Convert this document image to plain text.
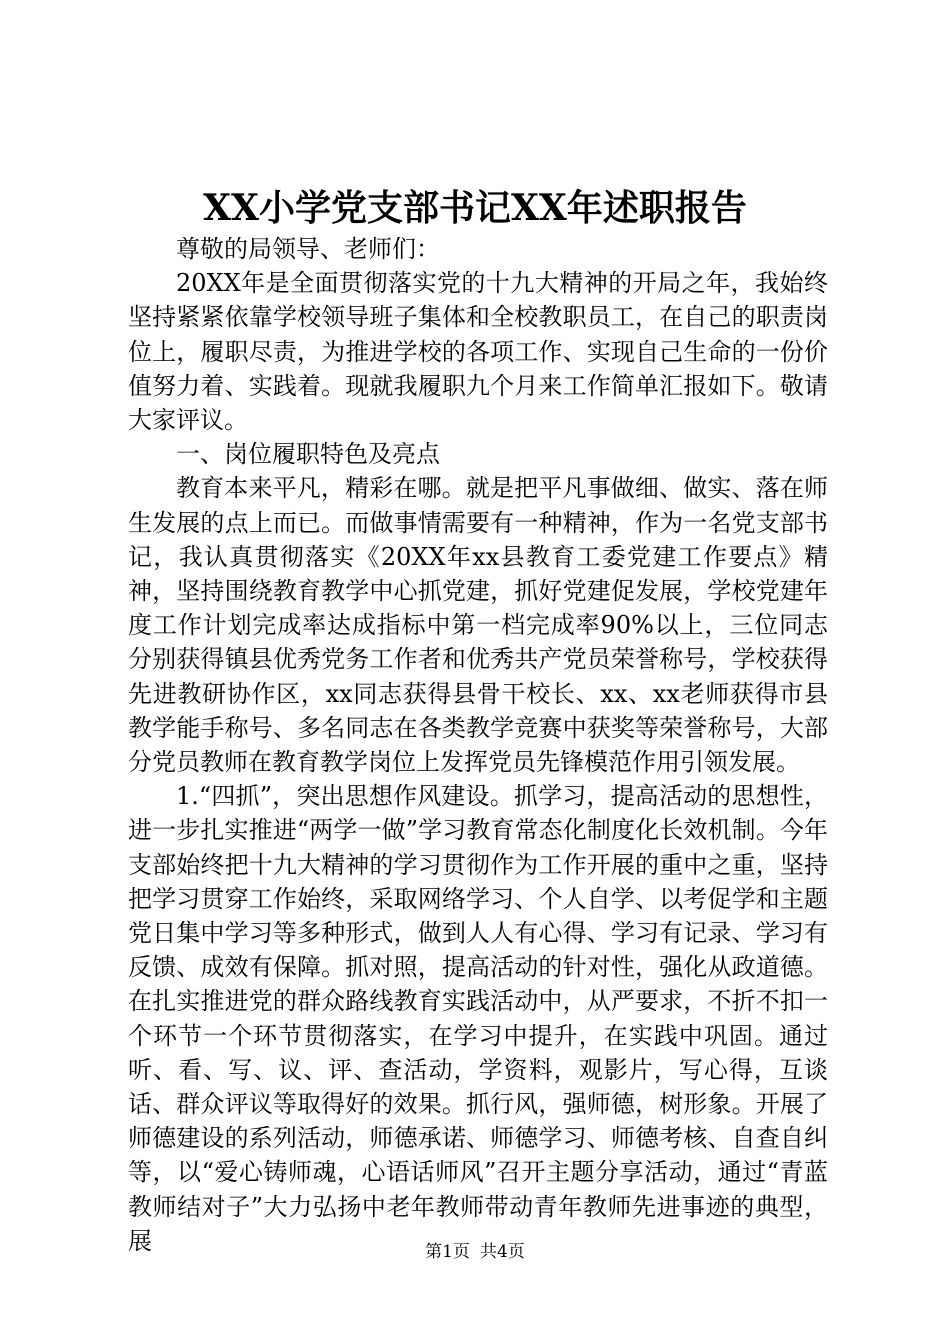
XX小学党支部书记XX年述职报告

尊敬的局领导、老师们：

20XX年是全面贯彻落实党的十九大精神的开局之年，我始终坚持紧紧依靠学校领导班子集体和全校教职员工，在自己的职责岗位上，履职尽责，为推进学校的各项工作、实现自己生命的一份价值努力着、实践着。现就我履职九个月来工作简单汇报如下。敬请大家评议。

一、岗位履职特色及亮点

教育本来平凡，精彩在哪。就是把平凡事做细、做实、落在师生发展的点上而已。而做事情需要有一种精神，作为一名党支部书记，我认真贯彻落实《20XX年xx县教育工委党建工作要点》精神，坚持围绕教育教学中心抓党建，抓好党建促发展，学校党建年度工作计划完成率达成指标中第一档完成率90%以上，三位同志分别获得镇县优秀党务工作者和优秀共产党员荣誉称号，学校获得先进教研协作区，xx同志获得县骨干校长、xx、xx老师获得市县教学能手称号、多名同志在各类教学竞赛中获奖等荣誉称号，大部分党员教师在教育教学岗位上发挥党员先锋模范作用引领发展。

1.“四抓”，突出思想作风建设。抓学习，提高活动的思想性，进一步扎实推进“两学一做”学习教育常态化制度化长效机制。今年支部始终把十九大精神的学习贯彻作为工作开展的重中之重，坚持把学习贯穿工作始终，采取网络学习、个人自学、以考促学和主题党日集中学习等多种形式，做到人人有心得、学习有记录、学习有反馈、成效有保障。抓对照，提高活动的针对性，强化从政道德。在扎实推进党的群众路线教育实践活动中，从严要求，不折不扣一个环节一个环节贯彻落实，在学习中提升，在实践中巩固。通过听、看、写、议、评、查活动，学资料，观影片，写心得，互谈话、群众评议等取得好的效果。抓行风，强师德，树形象。开展了师德建设的系列活动，师德承诺、师德学习、师德考核、自查自纠等，以“爱心铸师魂，心语话师风”召开主题分享活动，通过“青蓝教师结对子”大力弘扬中老年教师带动青年教师先进事迹的典型，展	第1页 共4页
